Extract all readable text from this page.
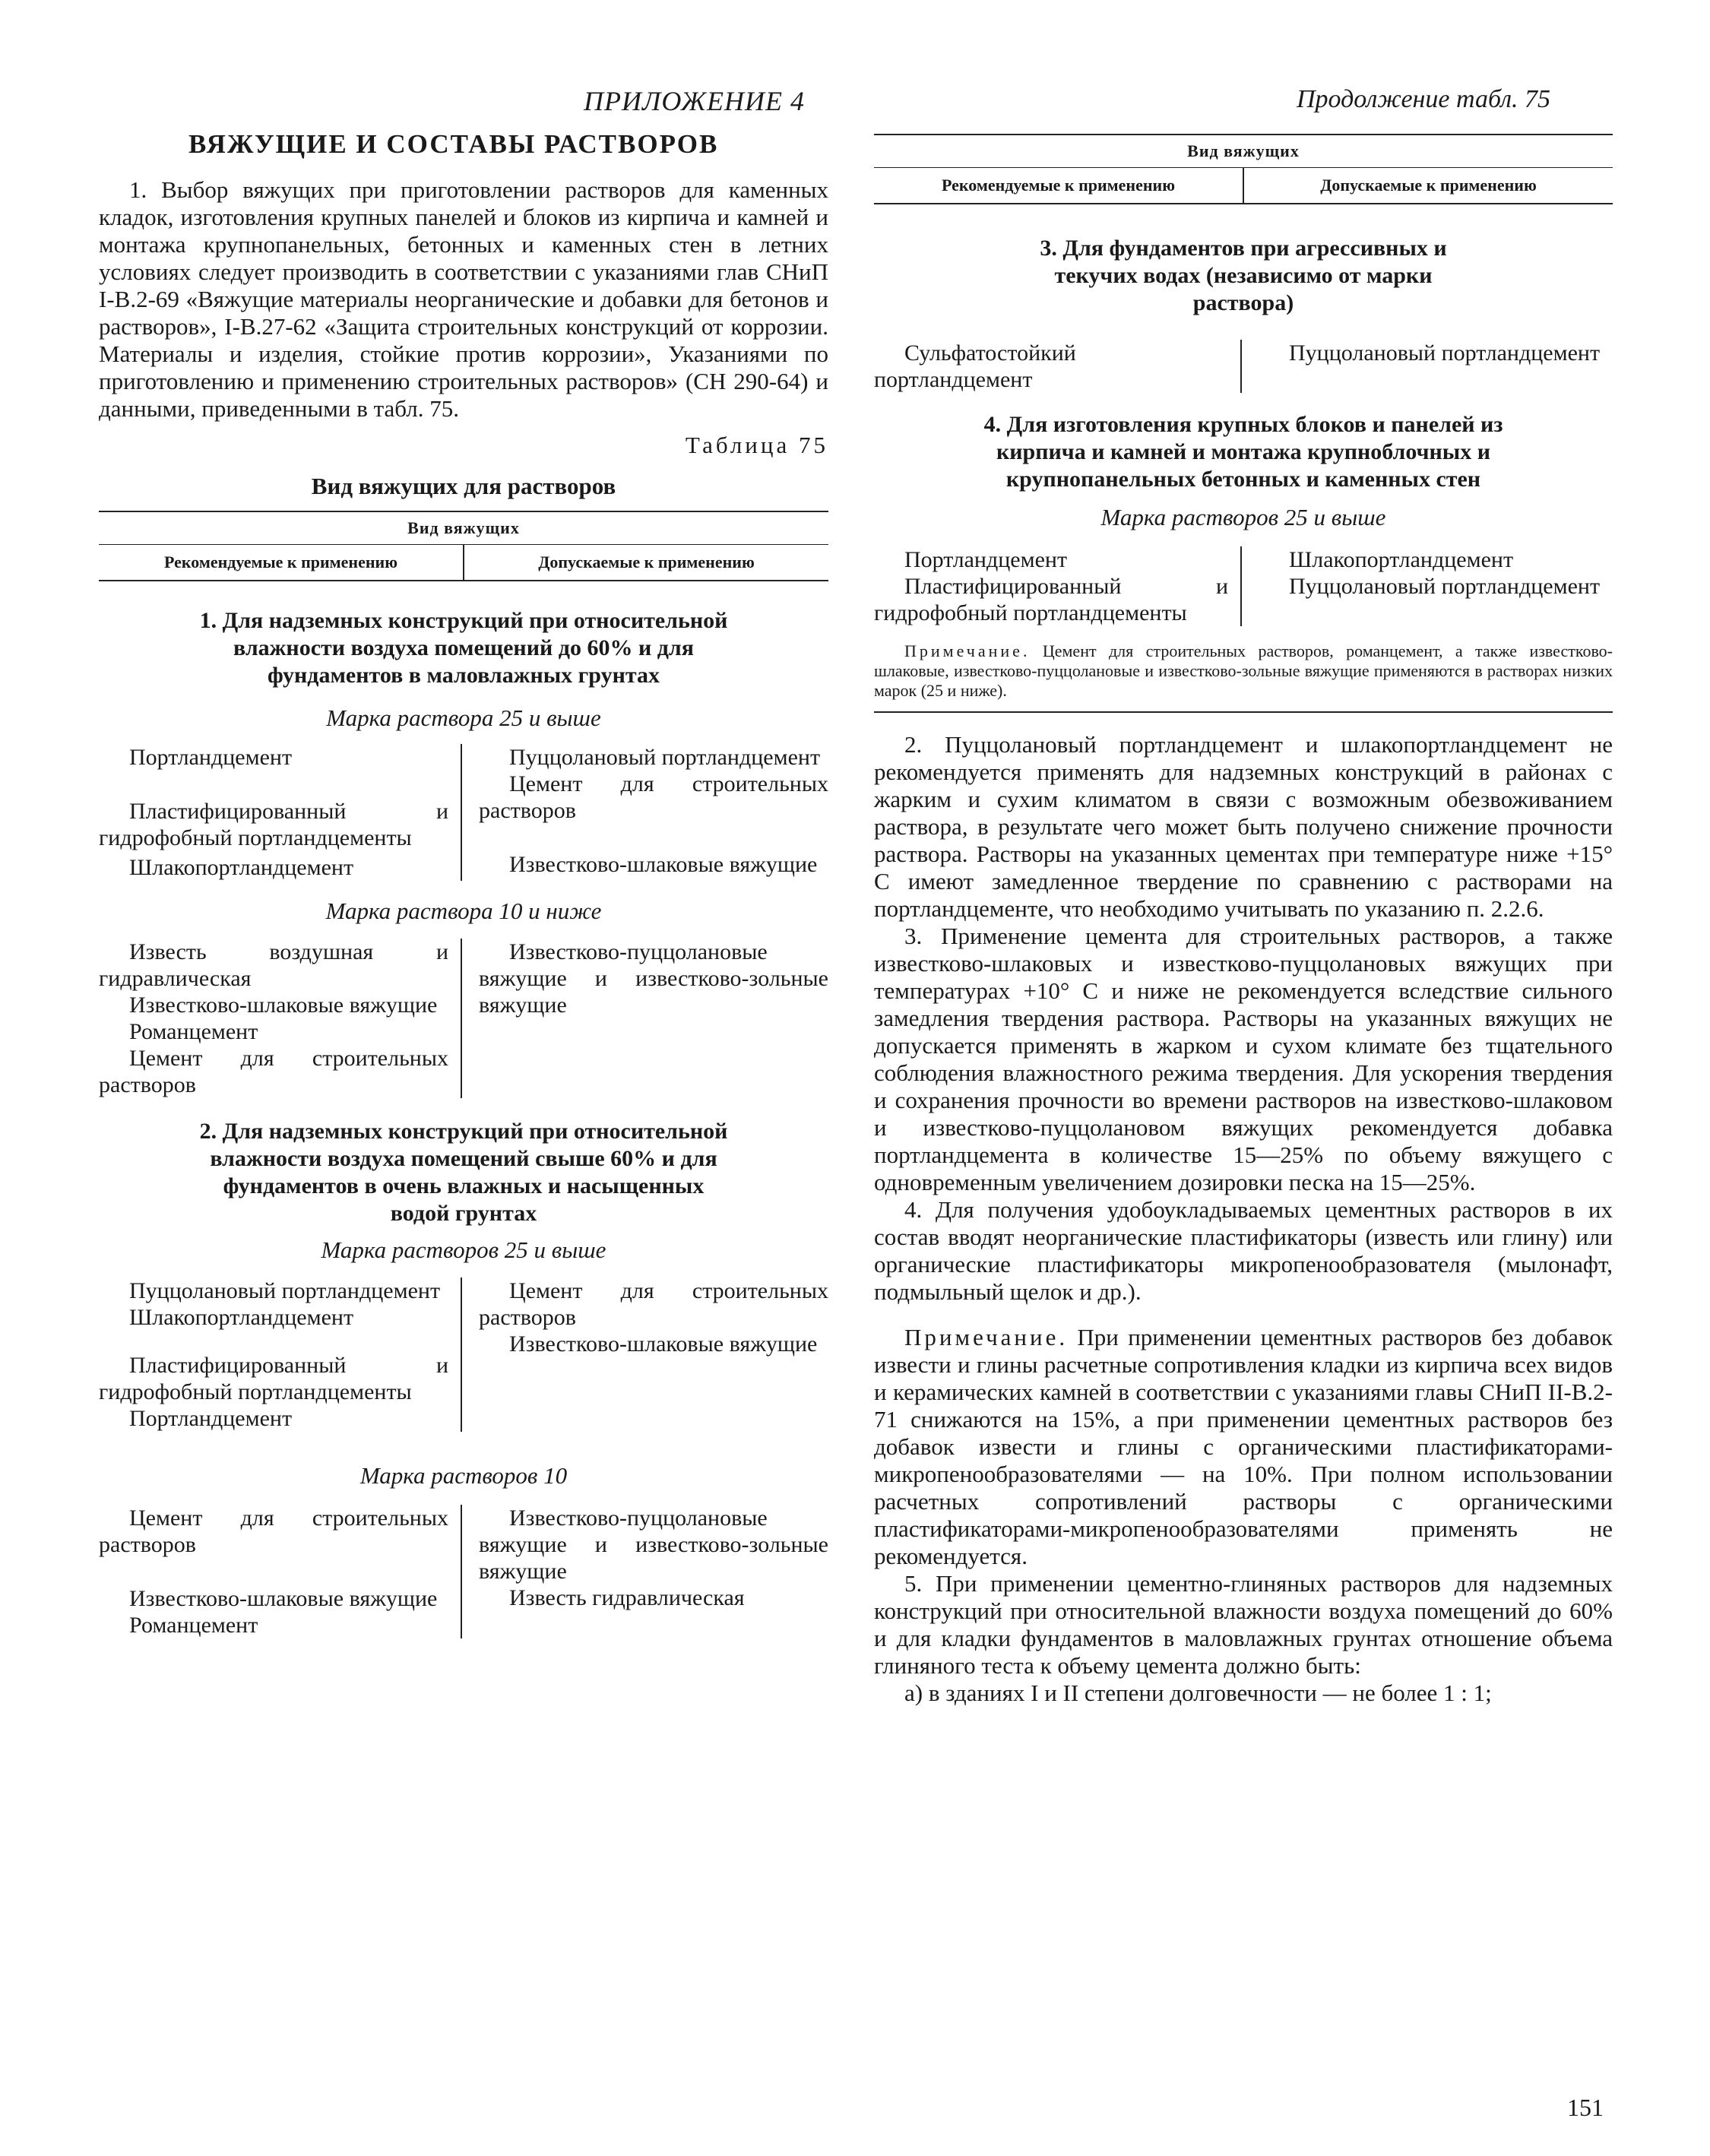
ПРИЛОЖЕНИЕ 4
ВЯЖУЩИЕ И СОСТАВЫ РАСТВОРОВ
Продолжение табл. 75

1. Выбор вяжущих при приготовлении растворов для каменных кладок, изготовления крупных панелей и блоков из кирпича и камней и монтажа крупнопанельных, бетонных и каменных стен в летних условиях следует производить в соответствии с указаниями глав СНиП I-В.2-69 «Вяжущие материалы неорганические и добавки для бетонов и растворов», I-В.27-62 «Защита строительных конструкций от коррозии. Материалы и изделия, стойкие против коррозии», Указаниями по приготовлению и применению строительных растворов» (СН 290-64) и данными, приведенными в табл. 75.

Таблица 75
Вид вяжущих для растворов
Вид вяжущих
Рекомендуемые к применению	Допускаемые к применению
1. Для надземных конструкций при относительной влажности воздуха помещений до 60% и для фундаментов в маловлажных грунтах
Марка раствора 25 и выше

Портландцемент

Пластифицированный и гидрофобный портландцементы

Шлакопортландцемент

Пуццолановый портландцемент

Цемент для строительных растворов

Известково-шлаковые вяжущие

Марка раствора 10 и ниже

Известь воздушная и гидравлическая

Известково-шлаковые вяжущие

Романцемент

Цемент для строительных растворов

Известково-пуццолановые вяжущие и известково-зольные вяжущие

2. Для надземных конструкций при относительной влажности воздуха помещений свыше 60% и для фундаментов в очень влажных и насыщенных водой грунтах
Марка растворов 25 и выше

Пуццолановый портландцемент

Шлакопортландцемент

Пластифицированный и гидрофобный портландцементы

Портландцемент

Цемент для строительных растворов

Известково-шлаковые вяжущие

Марка растворов 10

Цемент для строительных растворов

Известково-шлаковые вяжущие

Романцемент

Известково-пуццолановые вяжущие и известково-зольные вяжущие

Известь гидравлическая

Вид вяжущих
Рекомендуемые к применению	Допускаемые к применению
3. Для фундаментов при агрессивных и текучих водах (независимо от марки раствора)

Сульфатостойкий портландцемент

Пуццолановый портландцемент

4. Для изготовления крупных блоков и панелей из кирпича и камней и монтажа крупноблочных и крупнопанельных бетонных и каменных стен
Марка растворов 25 и выше

Портландцемент

Пластифицированный и гидрофобный портландцементы

Шлакопортландцемент

Пуццолановый портландцемент

Примечание. Цемент для строительных растворов, романцемент, а также известково-шлаковые, известково-пуццолановые и известково-зольные вяжущие применяются в растворах низких марок (25 и ниже).

2. Пуццолановый портландцемент и шлакопортландцемент не рекомендуется применять для надземных конструкций в районах с жарким и сухим климатом в связи с возможным обезвоживанием раствора, в результате чего может быть получено снижение прочности раствора. Растворы на указанных цементах при температуре ниже +15° С имеют замедленное твердение по сравнению с растворами на портландцементе, что необходимо учитывать по указанию п. 2.2.6.

3. Применение цемента для строительных растворов, а также известково-шлаковых и известково-пуццолановых вяжущих при температурах +10° С и ниже не рекомендуется вследствие сильного замедления твердения раствора. Растворы на указанных вяжущих не допускается применять в жарком и сухом климате без тщательного соблюдения влажностного режима твердения. Для ускорения твердения и сохранения прочности во времени растворов на известково-шлаковом и известково-пуццолановом вяжущих рекомендуется добавка портландцемента в количестве 15—25% по объему вяжущего с одновременным увеличением дозировки песка на 15—25%.

4. Для получения удобоукладываемых цементных растворов в их состав вводят неорганические пластификаторы (известь или глину) или органические пластификаторы микропенообразователя (мылонафт, подмыльный щелок и др.).

Примечание. При применении цементных растворов без добавок извести и глины расчетные сопротивления кладки из кирпича всех видов и керамических камней в соответствии с указаниями главы СНиП II-В.2-71 снижаются на 15%, а при применении цементных растворов без добавок извести и глины с органическими пластификаторами-микропенообразователями — на 10%. При полном использовании расчетных сопротивлений растворы с органическими пластификаторами-микропенообразователями применять не рекомендуется.

5. При применении цементно-глиняных растворов для надземных конструкций при относительной влажности воздуха помещений до 60% и для кладки фундаментов в маловлажных грунтах отношение объема глиняного теста к объему цемента должно быть:

а) в зданиях I и II степени долговечности — не более 1 : 1;

151
